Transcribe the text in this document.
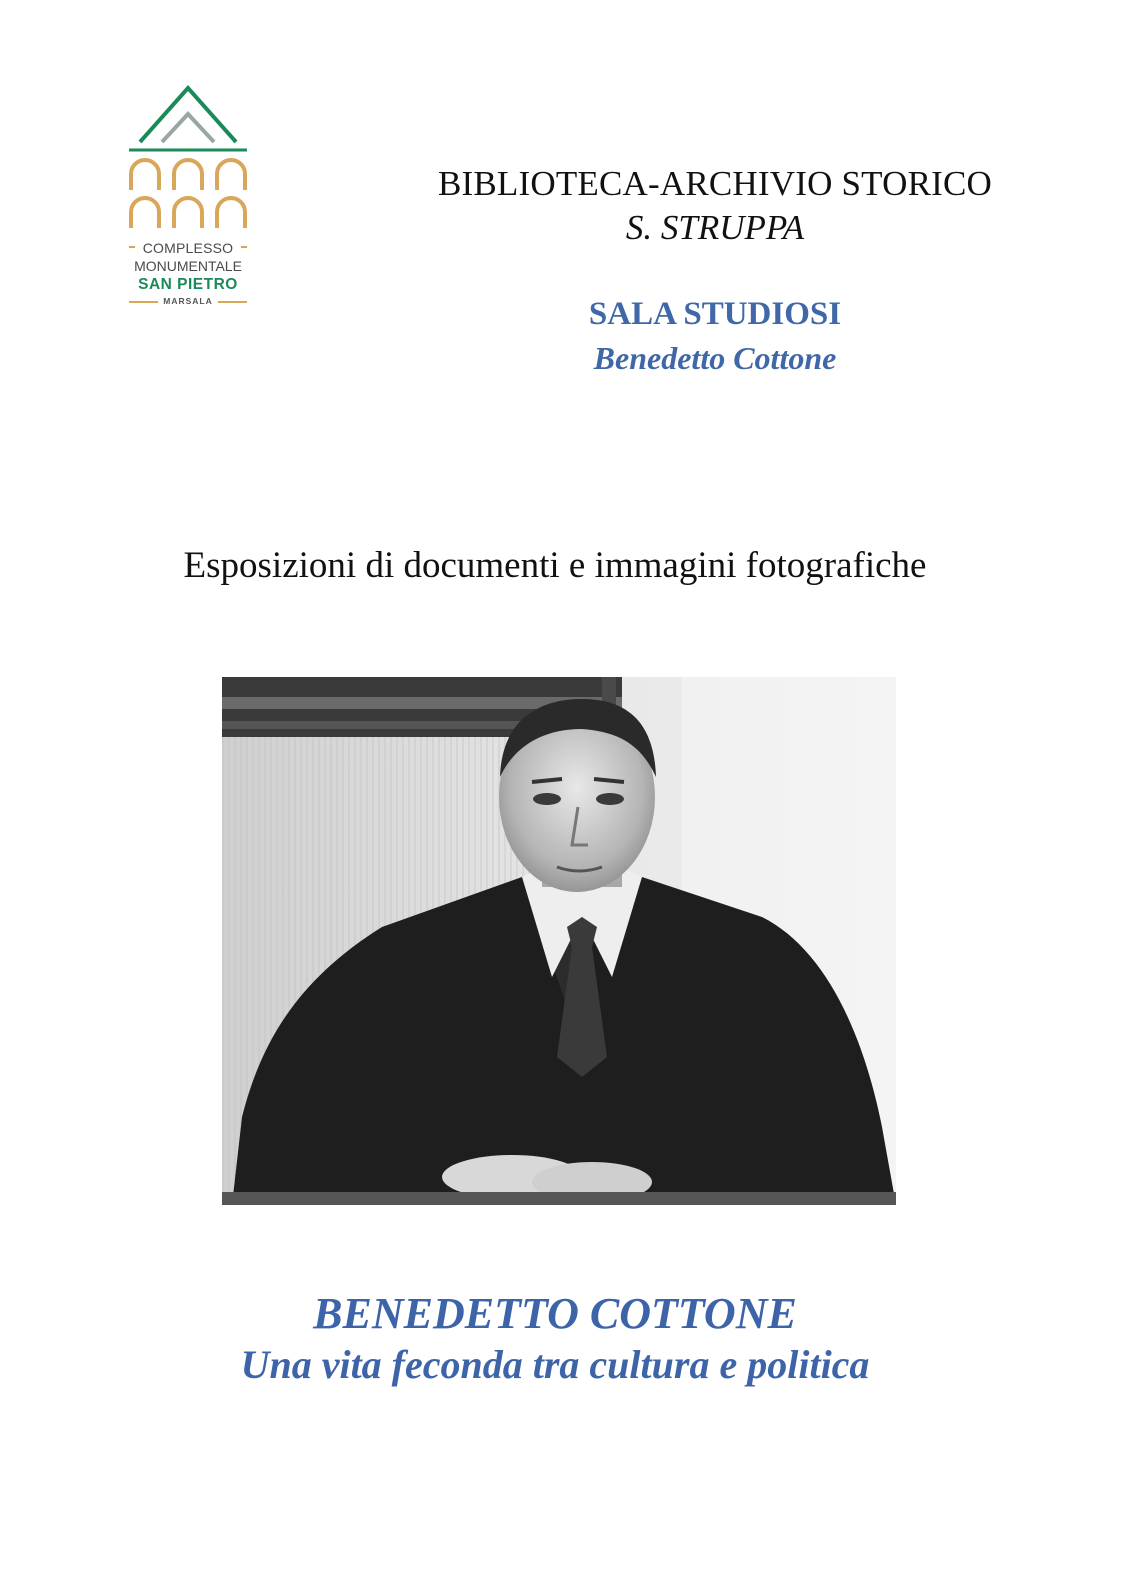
COMPLESSO
MONUMENTALE
SAN PIETRO
MARSALA
BIBLIOTECA-ARCHIVIO STORICO
S. STRUPPA
SALA STUDIOSI
Benedetto Cottone
Esposizioni di documenti e immagini fotografiche
BENEDETTO COTTONE
Una vita feconda tra cultura e politica
